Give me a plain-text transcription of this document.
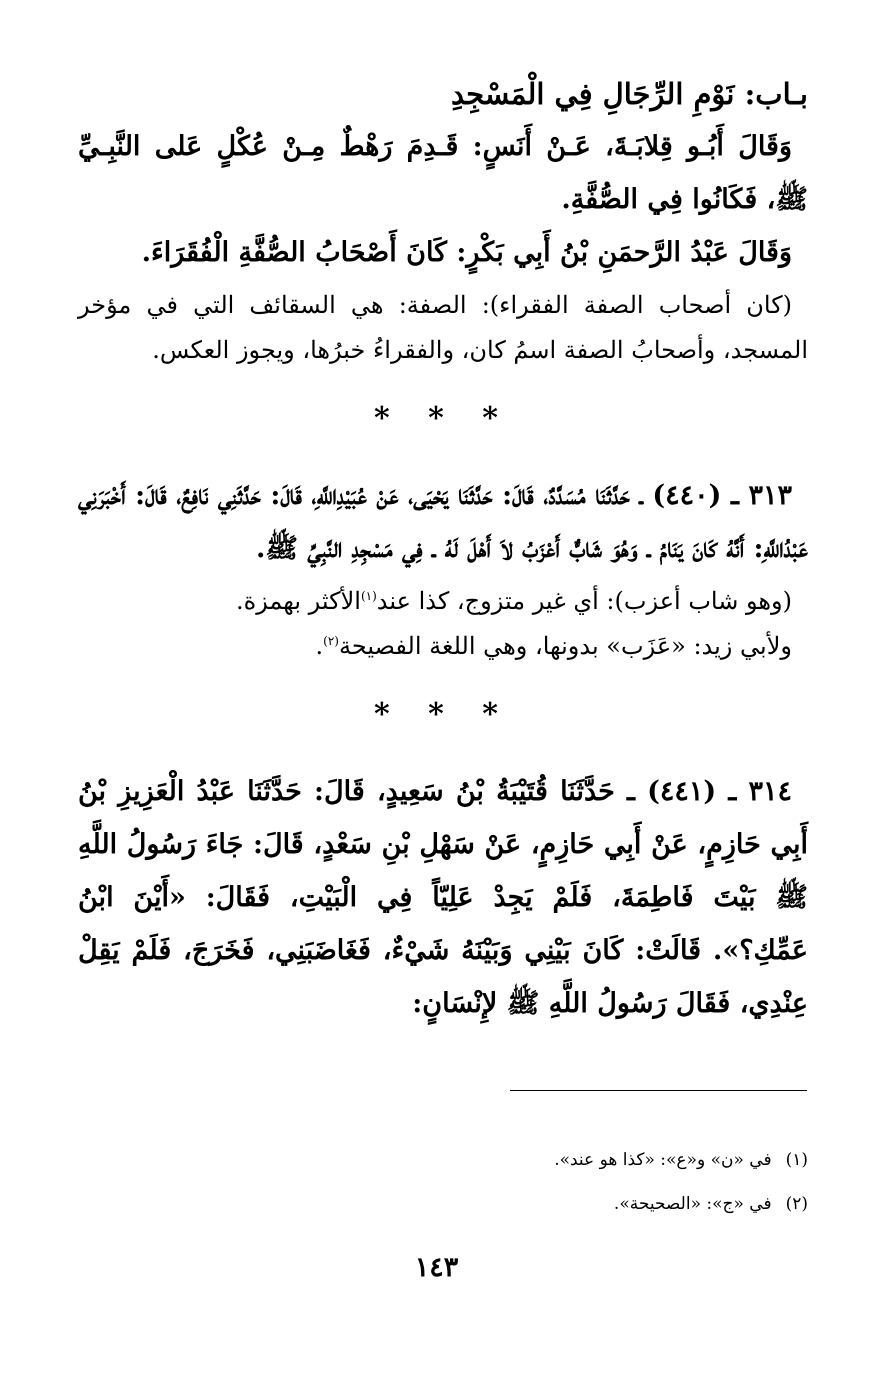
بـاب: نَوْمِ الرِّجَالِ فِي الْمَسْجِدِ

وَقَالَ أَبُـو قِلابَـةَ، عَـنْ أَنَسٍ: قَـدِمَ رَهْطٌ مِـنْ عُكْلٍ عَلى النَّبِـيِّ ﷺ، فَكَانُوا فِي الصُّفَّةِ.

وَقَالَ عَبْدُ الرَّحمَنِ بْنُ أَبِي بَكْرٍ: كَانَ أَصْحَابُ الصُّفَّةِ الْفُقَرَاءَ.

(كان أصحاب الصفة الفقراء): الصفة: هي السقائف التي في مؤخر المسجد، وأصحابُ الصفة اسمُ كان، والفقراءُ خبرُها، ويجوز العكس.

* * *

٣١٣ ـ (٤٤٠) ـ حَدَّثَنَا مُسَدَّدٌ، قَالَ: حَدَّثَنَا يَحْيَى، عَنْ عُبَيْدِاللَّهِ، قَالَ: حَدَّثَنِي نَافِعٌ، قَالَ: أَخْبَرَنِي عَبْدُاللَّهِ: أَنَّهُ كَانَ يَنَامُ ـ وَهُوَ شَابٌّ أَعْزَبُ لاَ أَهْلَ لَهُ ـ فِي مَسْجِدِ النَّبِيِّ ﷺ.

(وهو شاب أعزب): أي غير متزوج، كذا عند$^{(١)}$الأكثر بهمزة.

ولأبي زيد: «عَزَب» بدونها، وهي اللغة الفصيحة$^{(٢)}$.

* * *

٣١٤ ـ (٤٤١) ـ حَدَّثَنَا قُتَيْبَةُ بْنُ سَعِيدٍ، قَالَ: حَدَّثَنَا عَبْدُ الْعَزِيزِ بْنُ أَبِي حَازِمٍ، عَنْ أَبِي حَازِمٍ، عَنْ سَهْلِ بْنِ سَعْدٍ، قَالَ: جَاءَ رَسُولُ اللَّهِ ﷺ بَيْتَ فَاطِمَةَ، فَلَمْ يَجِدْ عَلِيّاً فِي الْبَيْتِ، فَقَالَ: «أَيْنَ ابْنُ عَمِّكِ؟». قَالَتْ: كَانَ بَيْنِي وَبَيْنَهُ شَيْءٌ، فَغَاضَبَنِي، فَخَرَجَ، فَلَمْ يَقِلْ عِنْدِي، فَقَالَ رَسُولُ اللَّهِ ﷺ لإِنْسَانٍ:

(١)في «ن» و«ع»: «كذا هو عند».
(٢)في «ج»: «الصحيحة».
١٤٣
